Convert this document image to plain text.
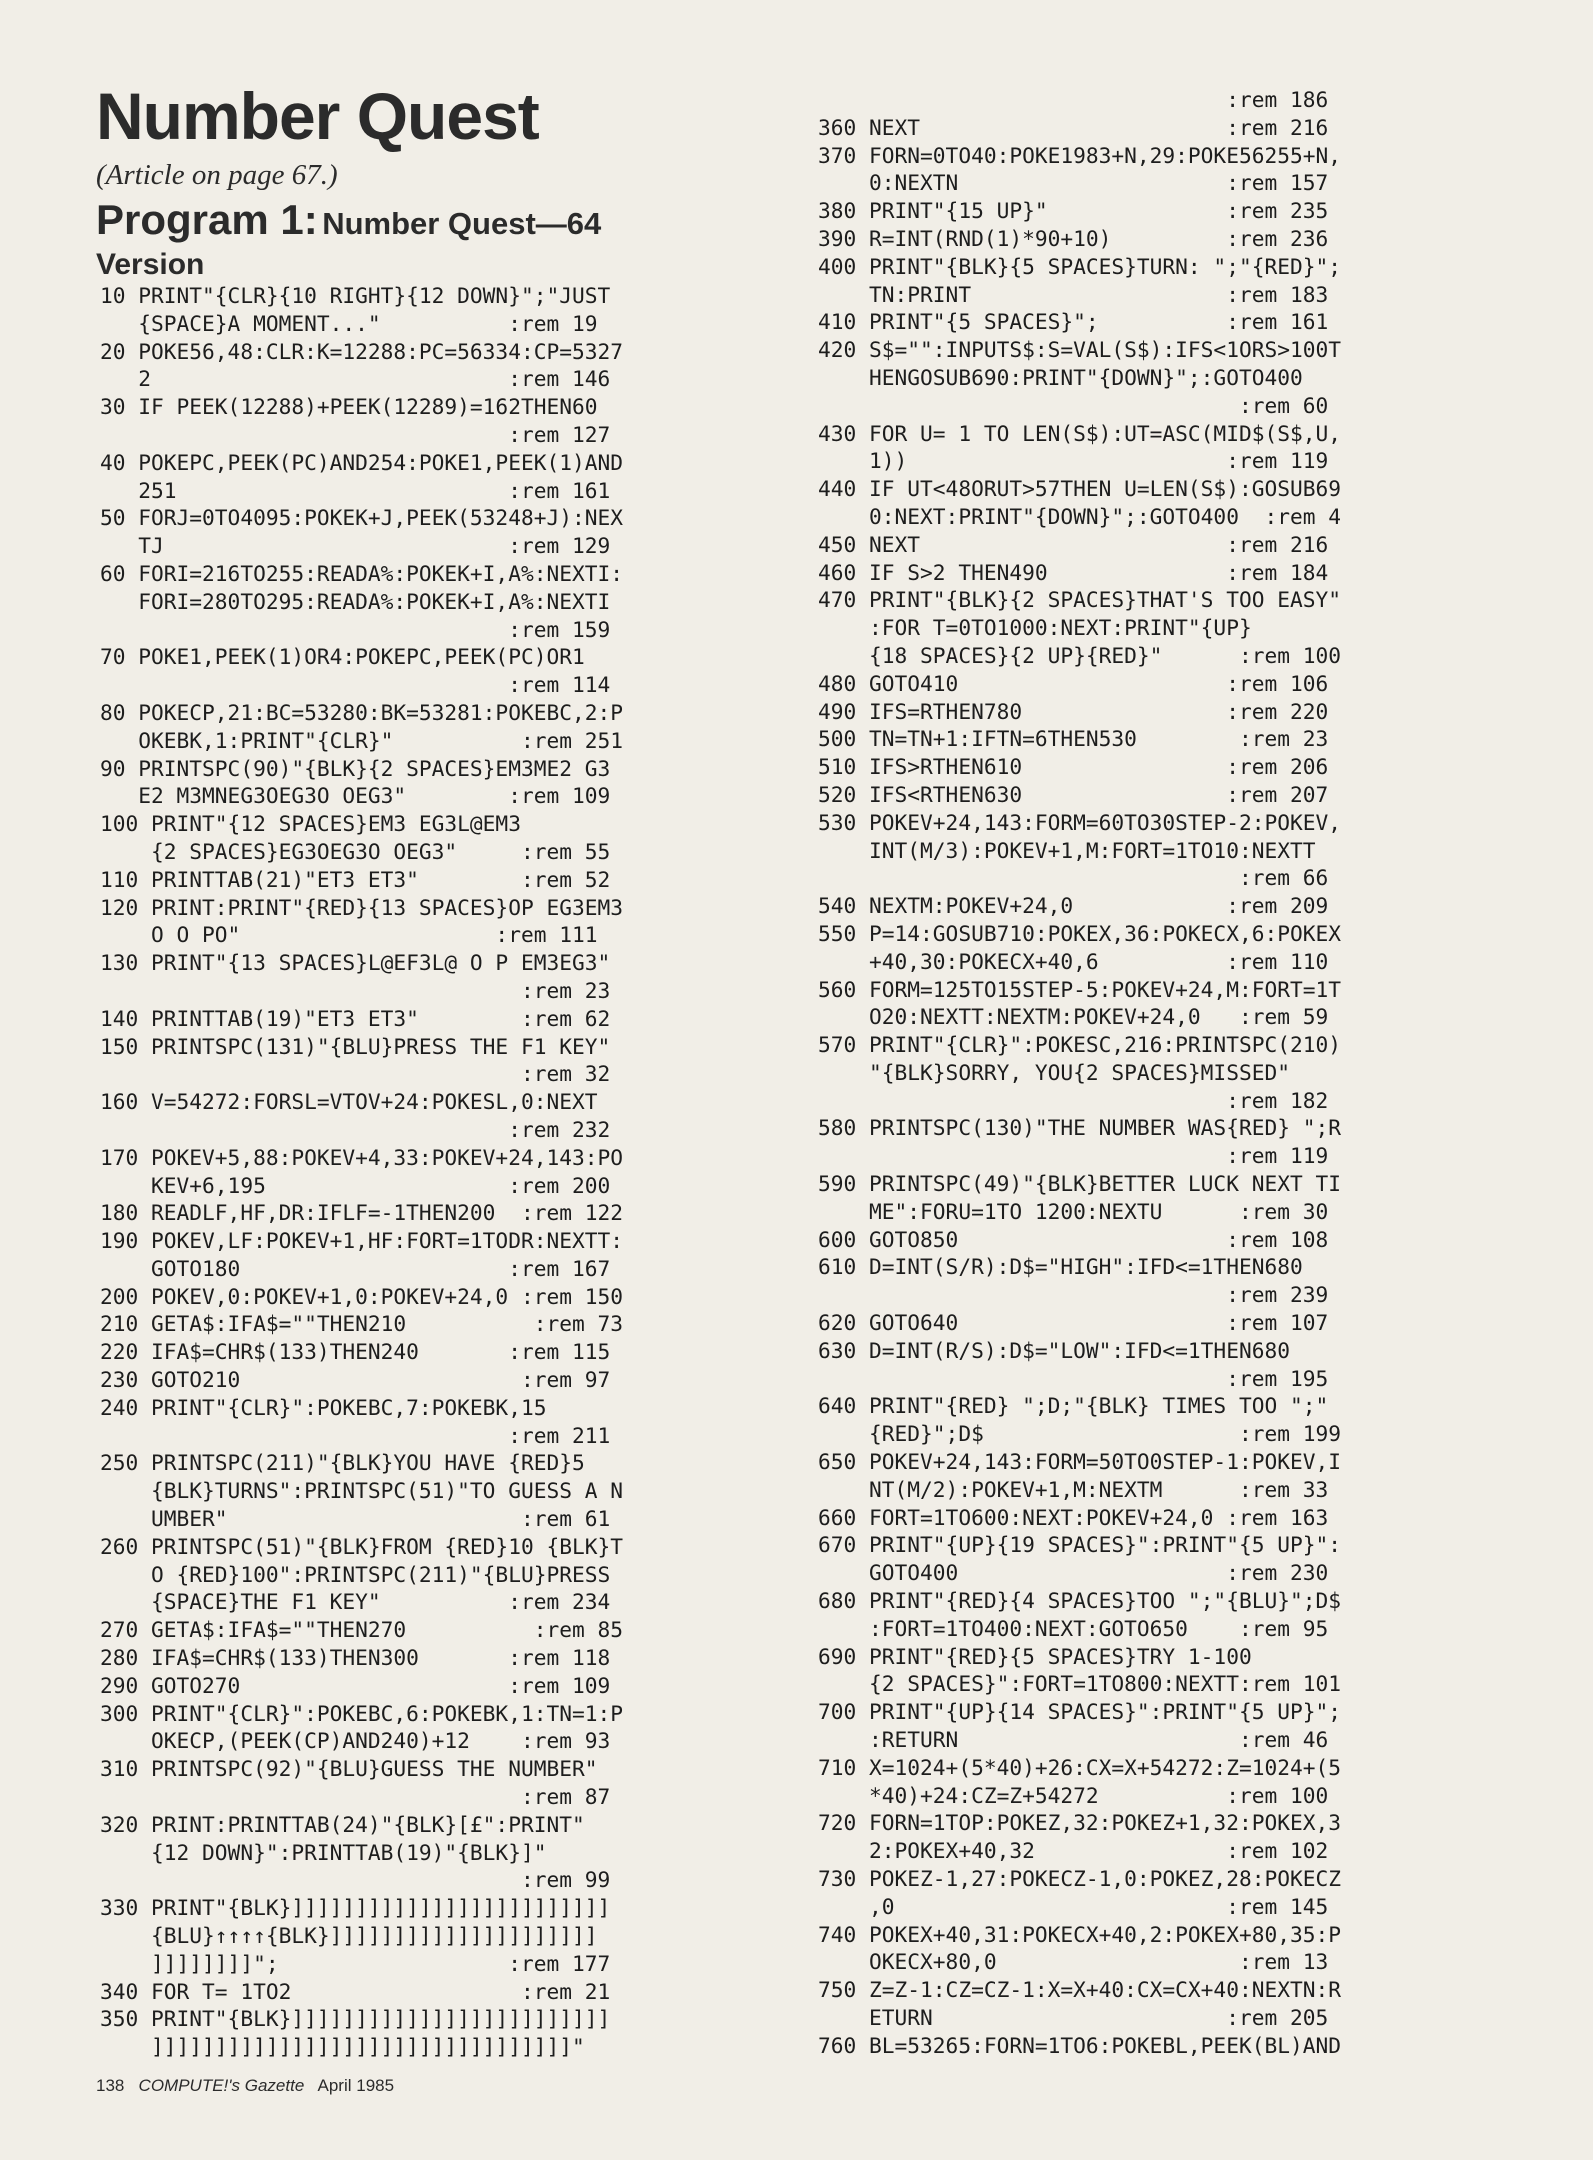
Number Quest
(Article on page 67.)
Program 1: Number Quest—64
Version
10 PRINT"{CLR}{10 RIGHT}{12 DOWN}";"JUST
{SPACE}A MOMENT..."          :rem 19
20 POKE56,48:CLR:K=12288:PC=56334:CP=5327
2                            :rem 146
30 IF PEEK(12288)+PEEK(12289)=162THEN60
:rem 127
40 POKEPC,PEEK(PC)AND254:POKE1,PEEK(1)AND
251                          :rem 161
50 FORJ=0TO4095:POKEK+J,PEEK(53248+J):NEX
TJ                           :rem 129
60 FORI=216TO255:READA%:POKEK+I,A%:NEXTI:
FORI=280TO295:READA%:POKEK+I,A%:NEXTI
:rem 159
70 POKE1,PEEK(1)OR4:POKEPC,PEEK(PC)OR1
:rem 114
80 POKECP,21:BC=53280:BK=53281:POKEBC,2:P
OKEBK,1:PRINT"{CLR}"          :rem 251
90 PRINTSPC(90)"{BLK}{2 SPACES}EM3ME2 G3
E2 M3MNEG3OEG3O OEG3"        :rem 109
100 PRINT"{12 SPACES}EM3 EG3L@EM3
{2 SPACES}EG3OEG3O OEG3"     :rem 55
110 PRINTTAB(21)"ET3 ET3"        :rem 52
120 PRINT:PRINT"{RED}{13 SPACES}OP EG3EM3
O O PO"                    :rem 111
130 PRINT"{13 SPACES}L@EF3L@ O P EM3EG3"
:rem 23
140 PRINTTAB(19)"ET3 ET3"        :rem 62
150 PRINTSPC(131)"{BLU}PRESS THE F1 KEY"
:rem 32
160 V=54272:FORSL=VTOV+24:POKESL,0:NEXT
:rem 232
170 POKEV+5,88:POKEV+4,33:POKEV+24,143:PO
KEV+6,195                   :rem 200
180 READLF,HF,DR:IFLF=-1THEN200  :rem 122
190 POKEV,LF:POKEV+1,HF:FORT=1TODR:NEXTT:
GOTO180                     :rem 167
200 POKEV,0:POKEV+1,0:POKEV+24,0 :rem 150
210 GETA$:IFA$=""THEN210          :rem 73
220 IFA$=CHR$(133)THEN240       :rem 115
230 GOTO210                      :rem 97
240 PRINT"{CLR}":POKEBC,7:POKEBK,15
:rem 211
250 PRINTSPC(211)"{BLK}YOU HAVE {RED}5
{BLK}TURNS":PRINTSPC(51)"TO GUESS A N
UMBER"                       :rem 61
260 PRINTSPC(51)"{BLK}FROM {RED}10 {BLK}T
O {RED}100":PRINTSPC(211)"{BLU}PRESS
{SPACE}THE F1 KEY"          :rem 234
270 GETA$:IFA$=""THEN270          :rem 85
280 IFA$=CHR$(133)THEN300       :rem 118
290 GOTO270                     :rem 109
300 PRINT"{CLR}":POKEBC,6:POKEBK,1:TN=1:P
OKECP,(PEEK(CP)AND240)+12    :rem 93
310 PRINTSPC(92)"{BLU}GUESS THE NUMBER"
:rem 87
320 PRINT:PRINTTAB(24)"{BLK}[£":PRINT"
{12 DOWN}":PRINTTAB(19)"{BLK}]"
:rem 99
330 PRINT"{BLK}]]]]]]]]]]]]]]]]]]]]]]]]]
{BLU}↑↑↑↑{BLK}]]]]]]]]]]]]]]]]]]]]]
]]]]]]]]";                  :rem 177
340 FOR T= 1TO2                  :rem 21
350 PRINT"{BLK}]]]]]]]]]]]]]]]]]]]]]]]]]
]]]]]]]]]]]]]]]]]]]]]]]]]]]]]]]]]"
:rem 186
360 NEXT                        :rem 216
370 FORN=0TO40:POKE1983+N,29:POKE56255+N,
0:NEXTN                     :rem 157
380 PRINT"{15 UP}"              :rem 235
390 R=INT(RND(1)*90+10)         :rem 236
400 PRINT"{BLK}{5 SPACES}TURN: ";"{RED}";
TN:PRINT                    :rem 183
410 PRINT"{5 SPACES}";          :rem 161
420 S$="":INPUTS$:S=VAL(S$):IFS<1ORS>100T
HENGOSUB690:PRINT"{DOWN}";:GOTO400
:rem 60
430 FOR U= 1 TO LEN(S$):UT=ASC(MID$(S$,U,
1))                         :rem 119
440 IF UT<48ORUT>57THEN U=LEN(S$):GOSUB69
0:NEXT:PRINT"{DOWN}";:GOTO400  :rem 4
450 NEXT                        :rem 216
460 IF S>2 THEN490              :rem 184
470 PRINT"{BLK}{2 SPACES}THAT'S TOO EASY"
:FOR T=0TO1000:NEXT:PRINT"{UP}
{18 SPACES}{2 UP}{RED}"      :rem 100
480 GOTO410                     :rem 106
490 IFS=RTHEN780                :rem 220
500 TN=TN+1:IFTN=6THEN530        :rem 23
510 IFS>RTHEN610                :rem 206
520 IFS<RTHEN630                :rem 207
530 POKEV+24,143:FORM=60TO30STEP-2:POKEV,
INT(M/3):POKEV+1,M:FORT=1TO10:NEXTT
:rem 66
540 NEXTM:POKEV+24,0            :rem 209
550 P=14:GOSUB710:POKEX,36:POKECX,6:POKEX
+40,30:POKECX+40,6          :rem 110
560 FORM=125TO15STEP-5:POKEV+24,M:FORT=1T
O20:NEXTT:NEXTM:POKEV+24,0   :rem 59
570 PRINT"{CLR}":POKESC,216:PRINTSPC(210)
"{BLK}SORRY, YOU{2 SPACES}MISSED"
:rem 182
580 PRINTSPC(130)"THE NUMBER WAS{RED} ";R
:rem 119
590 PRINTSPC(49)"{BLK}BETTER LUCK NEXT TI
ME":FORU=1TO 1200:NEXTU      :rem 30
600 GOTO850                     :rem 108
610 D=INT(S/R):D$="HIGH":IFD<=1THEN680
:rem 239
620 GOTO640                     :rem 107
630 D=INT(R/S):D$="LOW":IFD<=1THEN680
:rem 195
640 PRINT"{RED} ";D;"{BLK} TIMES TOO ";"
{RED}";D$                    :rem 199
650 POKEV+24,143:FORM=50TO0STEP-1:POKEV,I
NT(M/2):POKEV+1,M:NEXTM      :rem 33
660 FORT=1TO600:NEXT:POKEV+24,0 :rem 163
670 PRINT"{UP}{19 SPACES}":PRINT"{5 UP}":
GOTO400                     :rem 230
680 PRINT"{RED}{4 SPACES}TOO ";"{BLU}";D$
:FORT=1TO400:NEXT:GOTO650    :rem 95
690 PRINT"{RED}{5 SPACES}TRY 1-100
{2 SPACES}":FORT=1TO800:NEXTT:rem 101
700 PRINT"{UP}{14 SPACES}":PRINT"{5 UP}";
:RETURN                      :rem 46
710 X=1024+(5*40)+26:CX=X+54272:Z=1024+(5
*40)+24:CZ=Z+54272          :rem 100
720 FORN=1TOP:POKEZ,32:POKEZ+1,32:POKEX,3
2:POKEX+40,32               :rem 102
730 POKEZ-1,27:POKECZ-1,0:POKEZ,28:POKECZ
,0                          :rem 145
740 POKEX+40,31:POKECX+40,2:POKEX+80,35:P
OKECX+80,0                   :rem 13
750 Z=Z-1:CZ=CZ-1:X=X+40:CX=CX+40:NEXTN:R
ETURN                       :rem 205
760 BL=53265:FORN=1TO6:POKEBL,PEEK(BL)AND
138 COMPUTE!'s Gazette April 1985
